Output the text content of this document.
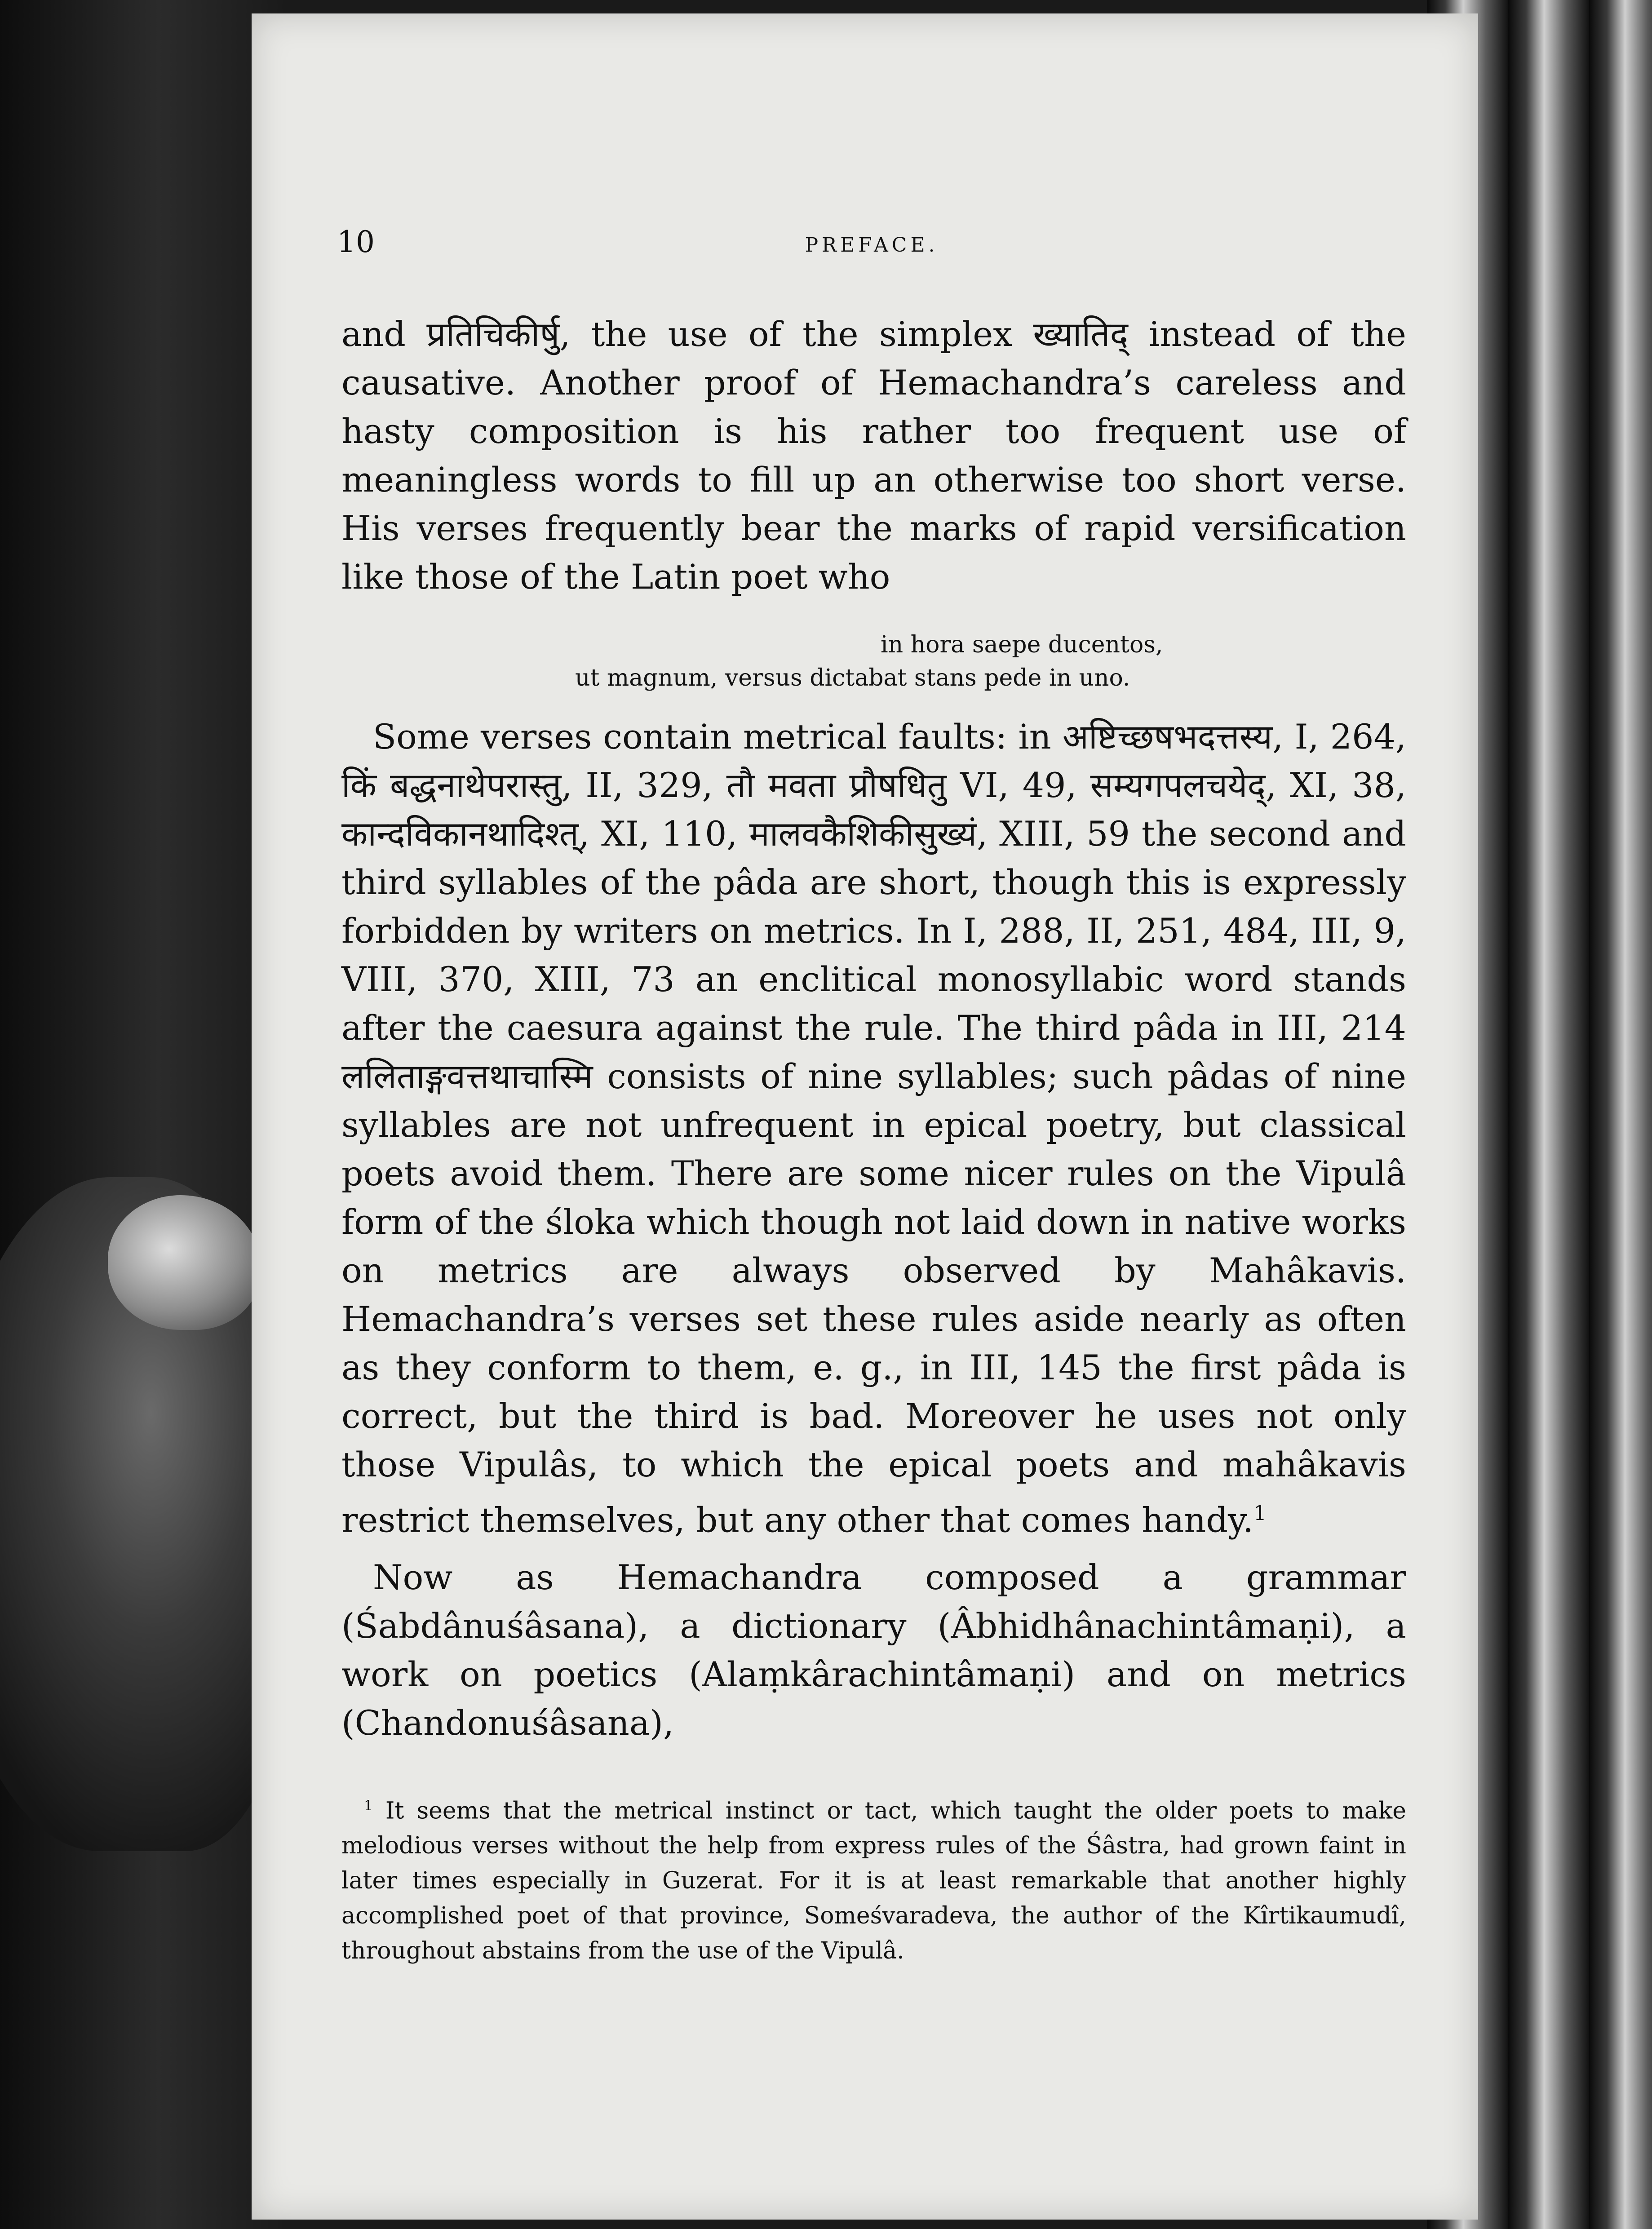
10	PREFACE.

and प्रतिचिकीर्षु, the use of the simplex ख्यातिद् instead of the causative. Another proof of Hemachandra’s careless and hasty composition is his rather too frequent use of meaningless words to fill up an otherwise too short verse. His verses frequently bear the marks of rapid versification like those of the Latin poet who

in hora saepe ducentos,
ut magnum, versus dictabat stans pede in uno.

Some verses contain metrical faults: in अष्टिच्छषभदत्तस्य, I, 264, किं बद्धनाथेपरास्तु, II, 329, तौ मवता प्रौषधितु VI, 49, सम्यगपलचयेद्, XI, 38, कान्दविकानथादिश्त्, XI, 110, मालवकैशिकीसुख्यं, XIII, 59 the second and third syllables of the pâda are short, though this is expressly forbidden by writers on metrics. In I, 288, II, 251, 484, III, 9, VIII, 370, XIII, 73 an enclitical monosyllabic word stands after the caesura against the rule. The third pâda in III, 214 ललिताङ्गवत्तथाचास्मि consists of nine syllables; such pâdas of nine syllables are not unfrequent in epical poetry, but classical poets avoid them. There are some nicer rules on the Vipulâ form of the śloka which though not laid down in native works on metrics are always observed by Mahâkavis. Hemachandra’s verses set these rules aside nearly as often as they conform to them, e. g., in III, 145 the first pâda is correct, but the third is bad. Moreover he uses not only those Vipulâs, to which the epical poets and mahâkavis restrict themselves, but any other that comes handy.$^1$

Now as Hemachandra composed a grammar (Śabdânuśâsana), a dictionary (Âbhidhânachintâmaṇi), a work on poetics (Alaṃkârachintâmaṇi) and on metrics (Chandonuśâsana),

$^1$ It seems that the metrical instinct or tact, which taught the older poets to make melodious verses without the help from express rules of the Śâstra, had grown faint in later times especially in Guzerat. For it is at least remarkable that another highly accomplished poet of that province, Someśvaradeva, the author of the Kîrtikaumudî, throughout abstains from the use of the Vipulâ.
